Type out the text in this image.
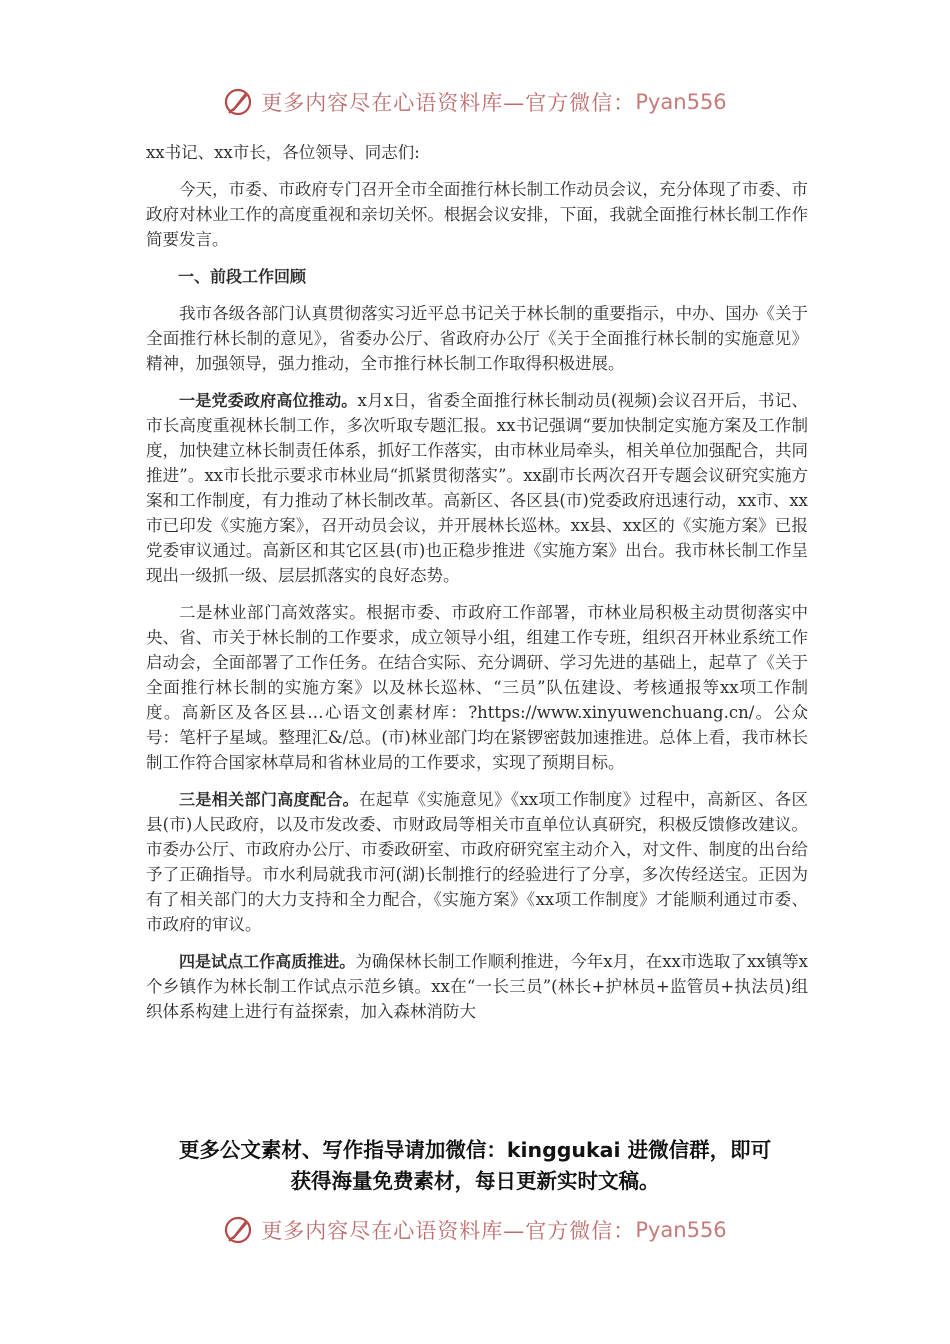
更多内容尽在心语资料库—官方微信： Pyan556

xx书记、xx市长，各位领导、同志们:

今天，市委、市政府专门召开全市全面推行林长制工作动员会议，充分体现了市委、市政府对林业工作的高度重视和亲切关怀。根据会议安排，下面，我就全面推行林长制工作作简要发言。

一、前段工作回顾

我市各级各部门认真贯彻落实习近平总书记关于林长制的重要指示，中办、国办《关于全面推行林长制的意见》，省委办公厅、省政府办公厅《关于全面推行林长制的实施意见》精神，加强领导，强力推动，全市推行林长制工作取得积极进展。

一是党委政府高位推动。x月x日，省委全面推行林长制动员(视频)会议召开后，书记、市长高度重视林长制工作，多次听取专题汇报。xx书记强调“要加快制定实施方案及工作制度，加快建立林长制责任体系，抓好工作落实，由市林业局牵头，相关单位加强配合，共同推进”。xx市长批示要求市林业局“抓紧贯彻落实”。xx副市长两次召开专题会议研究实施方案和工作制度，有力推动了林长制改革。高新区、各区县(市)党委政府迅速行动，xx市、xx市已印发《实施方案》，召开动员会议，并开展林长巡林。xx县、xx区的《实施方案》已报党委审议通过。高新区和其它区县(市)也正稳步推进《实施方案》出台。我市林长制工作呈现出一级抓一级、层层抓落实的良好态势。

二是林业部门高效落实。根据市委、市政府工作部署，市林业局积极主动贯彻落实中央、省、市关于林长制的工作要求，成立领导小组，组建工作专班，组织召开林业系统工作启动会，全面部署了工作任务。在结合实际、充分调研、学习先进的基础上，起草了《关于全面推行林长制的实施方案》以及林长巡林、“三员”队伍建设、考核通报等xx项工作制度。高新区及各区县…心语文创素材库：?https://www.xinyuwenchuang.cn/。公众号：笔杆子星域。整理汇&/总。(市)林业部门均在紧锣密鼓加速推进。总体上看，我市林长制工作符合国家林草局和省林业局的工作要求，实现了预期目标。

三是相关部门高度配合。在起草《实施意见》《xx项工作制度》过程中，高新区、各区县(市)人民政府，以及市发改委、市财政局等相关市直单位认真研究，积极反馈修改建议。市委办公厅、市政府办公厅、市委政研室、市政府研究室主动介入，对文件、制度的出台给予了正确指导。市水利局就我市河(湖)长制推行的经验进行了分享，多次传经送宝。正因为有了相关部门的大力支持和全力配合，《实施方案》《xx项工作制度》才能顺利通过市委、市政府的审议。

四是试点工作高质推进。为确保林长制工作顺利推进，今年x月，在xx市选取了xx镇等x个乡镇作为林长制工作试点示范乡镇。xx在“一长三员”(林长+护林员+监管员+执法员)组织体系构建上进行有益探索，加入森林消防大

更多公文素材、写作指导请加微信：kinggukai 进微信群，即可
获得海量免费素材，每日更新实时文稿。
更多内容尽在心语资料库—官方微信： Pyan556
